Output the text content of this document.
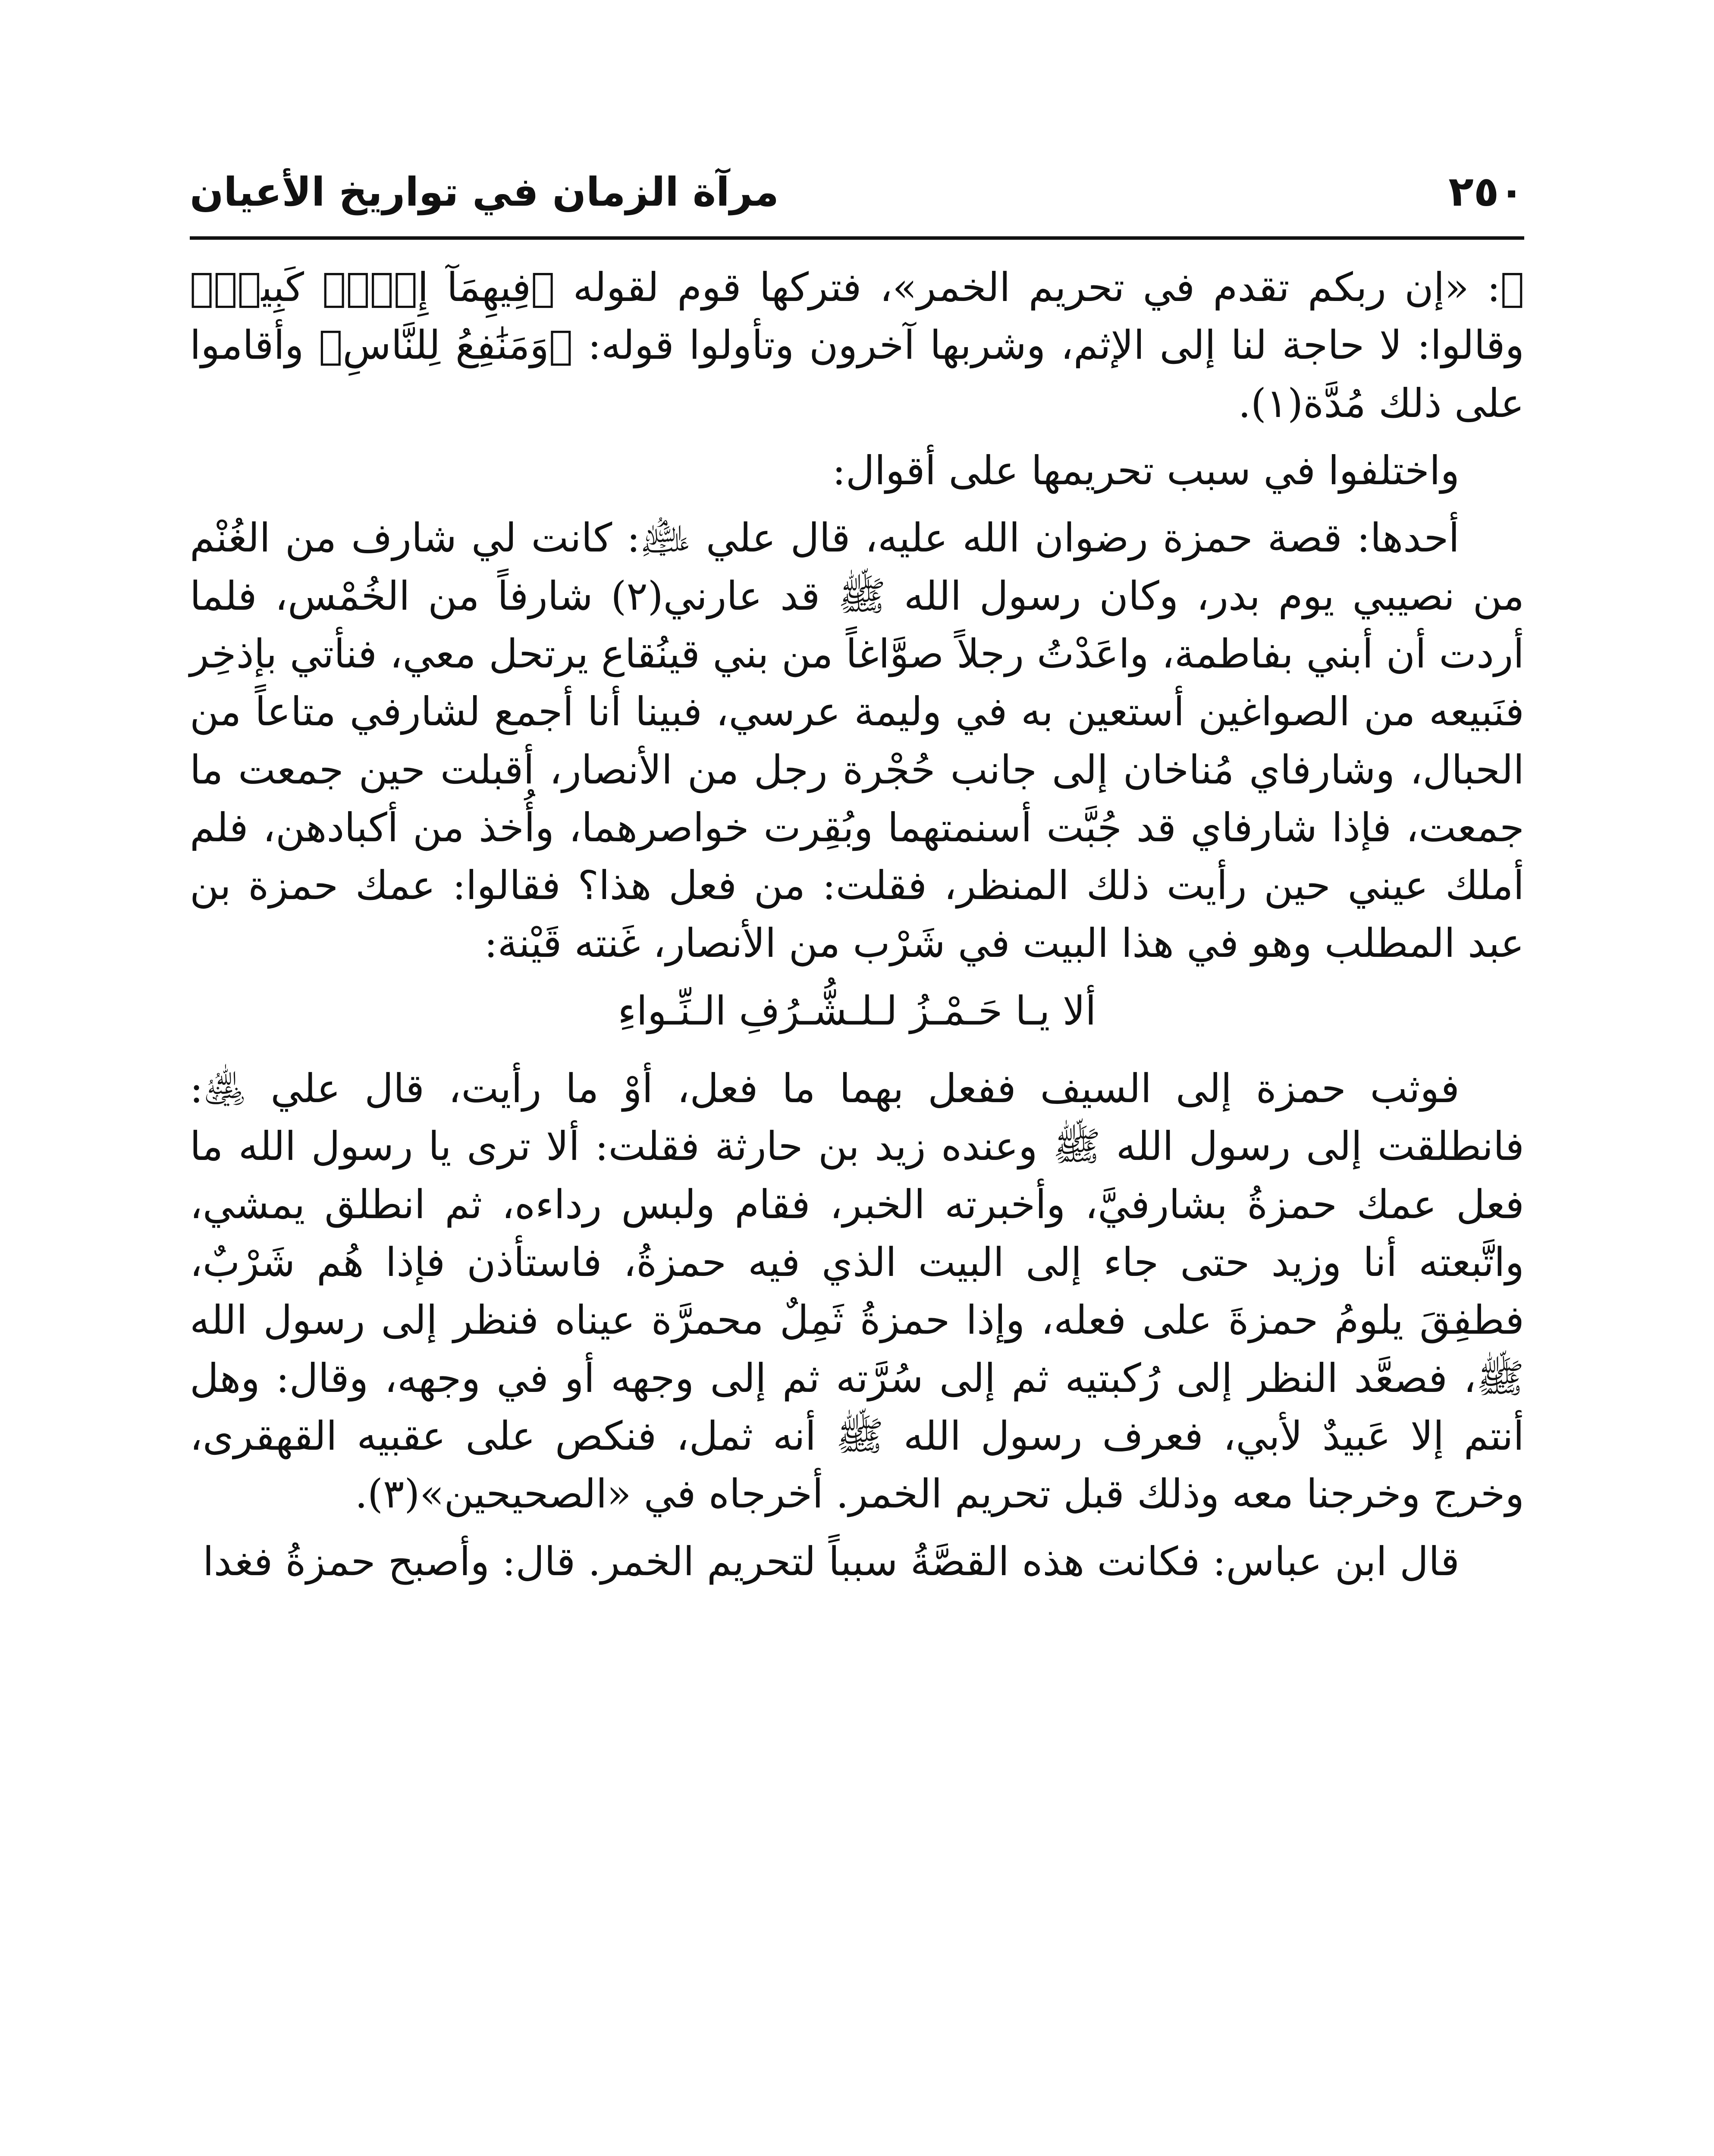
٢٥٠
مرآة الزمان في تواريخ الأعيان

ﷺ: «إن ربكم تقدم في تحريم الخمر»، فتركها قوم لقوله ﴿فِيهِمَآ إِثۡمٞ كَبِيرٞ﴾ وقالوا: لا حاجة لنا إلى الإثم، وشربها آخرون وتأولوا قوله: ﴿وَمَنَٰفِعُ لِلنَّاسِ﴾ وأقاموا على ذلك مُدَّة(١).

واختلفوا في سبب تحريمها على أقوال:

أحدها: قصة حمزة رضوان الله عليه، قال علي ﵇: كانت لي شارف من الغُنْم من نصيبي يوم بدر، وكان رسول الله ﷺ قد عارني(٢) شارفاً من الخُمْس، فلما أردت أن أبني بفاطمة، واعَدْتُ رجلاً صوَّاغاً من بني قينُقاع يرتحل معي، فنأتي بإذخِر فنَبيعه من الصواغين أستعين به في وليمة عرسي، فبينا أنا أجمع لشارفي متاعاً من الحبال، وشارفاي مُناخان إلى جانب حُجْرة رجل من الأنصار، أقبلت حين جمعت ما جمعت، فإذا شارفاي قد جُبَّت أسنمتهما وبُقِرت خواصرهما، وأُخذ من أكبادهن، فلم أملك عيني حين رأيت ذلك المنظر، فقلت: من فعل هذا؟ فقالوا: عمك حمزة بن عبد المطلب وهو في هذا البيت في شَرْب من الأنصار، غَنته قَيْنة:

ألا يـا حَـمْـزُ لـلـشُّـرُفِ الـنِّـواءِ

فوثب حمزة إلى السيف ففعل بهما ما فعل، أوْ ما رأيت، قال علي ﵁: فانطلقت إلى رسول الله ﷺ وعنده زيد بن حارثة فقلت: ألا ترى يا رسول الله ما فعل عمك حمزةُ بشارفيَّ، وأخبرته الخبر، فقام ولبس رداءه، ثم انطلق يمشي، واتَّبعته أنا وزيد حتى جاء إلى البيت الذي فيه حمزةُ، فاستأذن فإذا هُم شَرْبٌ، فطفِقَ يلومُ حمزةَ على فعله، وإذا حمزةُ ثَمِلٌ محمرَّة عيناه فنظر إلى رسول الله ﷺ، فصعَّد النظر إلى رُكبتيه ثم إلى سُرَّته ثم إلى وجهه أو في وجهه، وقال: وهل أنتم إلا عَبيدٌ لأبي، فعرف رسول الله ﷺ أنه ثمل، فنكص على عقبيه القهقرى، وخرج وخرجنا معه وذلك قبل تحريم الخمر. أخرجاه في «الصحيحين»(٣).

قال ابن عباس: فكانت هذه القصَّةُ سبباً لتحريم الخمر. قال: وأصبح حمزةُ فغدا
